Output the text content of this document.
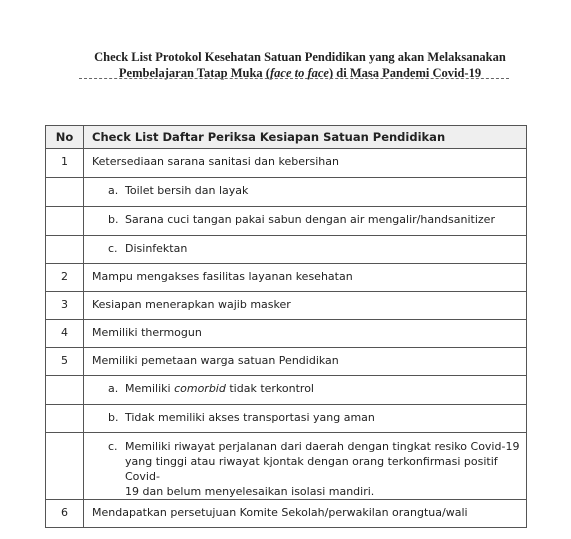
Check List Protokol Kesehatan Satuan Pendidikan yang akan Melaksanakan
Pembelajaran Tatap Muka (face to face) di Masa Pandemi Covid-19
No	Check List Daftar Periksa Kesiapan Satuan Pendidikan

1	Ketersediaan sarana sanitasi dan kebersihan

	a. Toilet bersih dan layak

	b. Sarana cuci tangan pakai sabun dengan air mengalir/handsanitizer

	c. Disinfektan

2	Mampu mengakses fasilitas layanan kesehatan

3	Kesiapan menerapkan wajib masker

4	Memiliki thermogun

5	Memiliki pemetaan warga satuan Pendidikan

	a. Memiliki comorbid tidak terkontrol

	b. Tidak memiliki akses transportasi yang aman

	c. Memiliki riwayat perjalanan dari daerah dengan tingkat resiko Covid-19
yang tinggi atau riwayat kjontak dengan orang terkonfirmasi positif Covid-
19 dan belum menyelesaikan isolasi mandiri.

6	Mendapatkan persetujuan Komite Sekolah/perwakilan orangtua/wali
